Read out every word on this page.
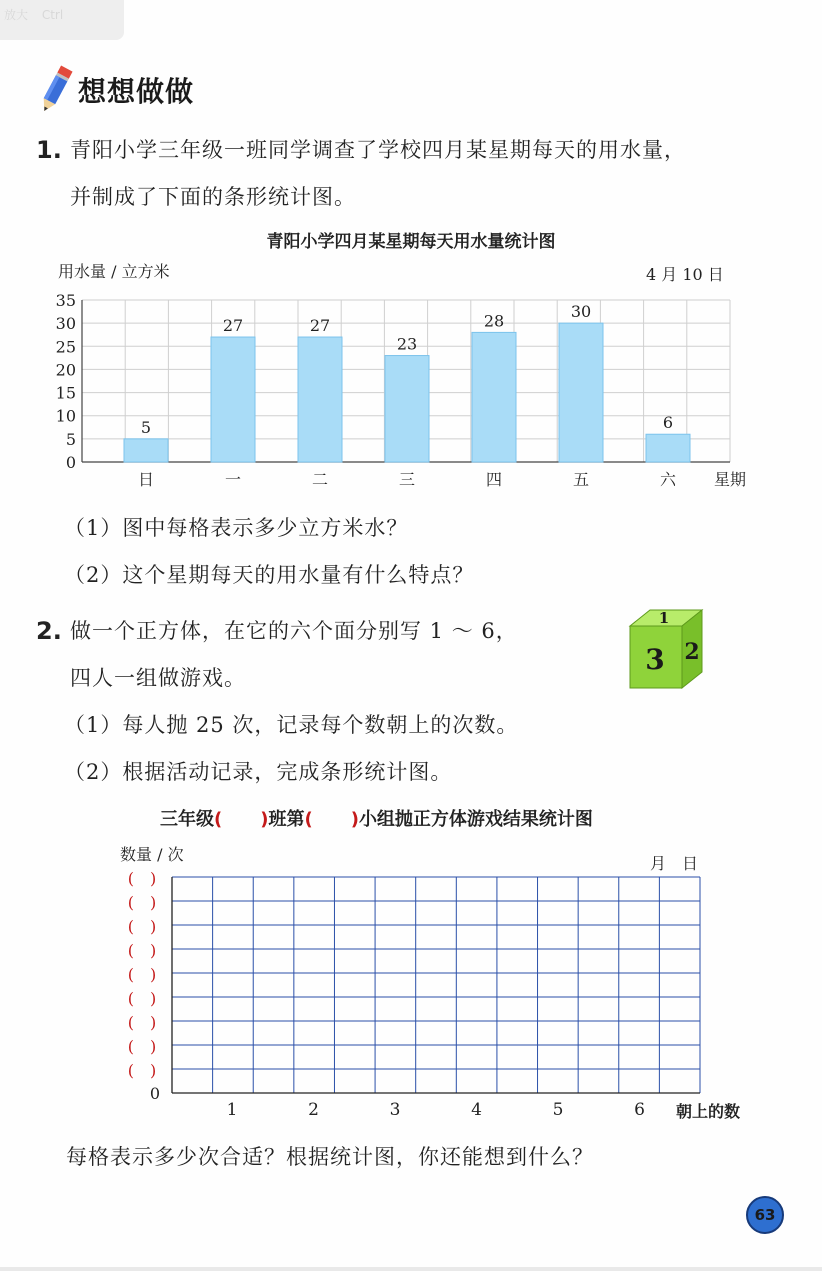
放大 Ctrl
想想做做
1. 青阳小学三年级一班同学调查了学校四月某星期每天的用水量，
并制成了下面的条形统计图。
青阳小学四月某星期每天用水量统计图
用水量 / 立方米	4 月 10 日
0
5
10
15
20
25
30
35
5
日
27
一
27
二
23
三
28
四
30
五
6
六 星期
（1）图中每格表示多少立方米水？
（2）这个星期每天的用水量有什么特点？
2. 做一个正方体，在它的六个面分别写 1 ～ 6，
四人一组做游戏。
1
3 2
（1）每人抛 25 次，记录每个数朝上的次数。
（2）根据活动记录，完成条形统计图。
三年级( )班第( )小组抛正方体游戏结果统计图
数量 / 次	月　日
(　)
(　)
(　)
(　)
(　)
(　)
(　)
(　)
(　)
0
1	2	3	4	5	6 朝上的数
每格表示多少次合适？根据统计图，你还能想到什么？
63
